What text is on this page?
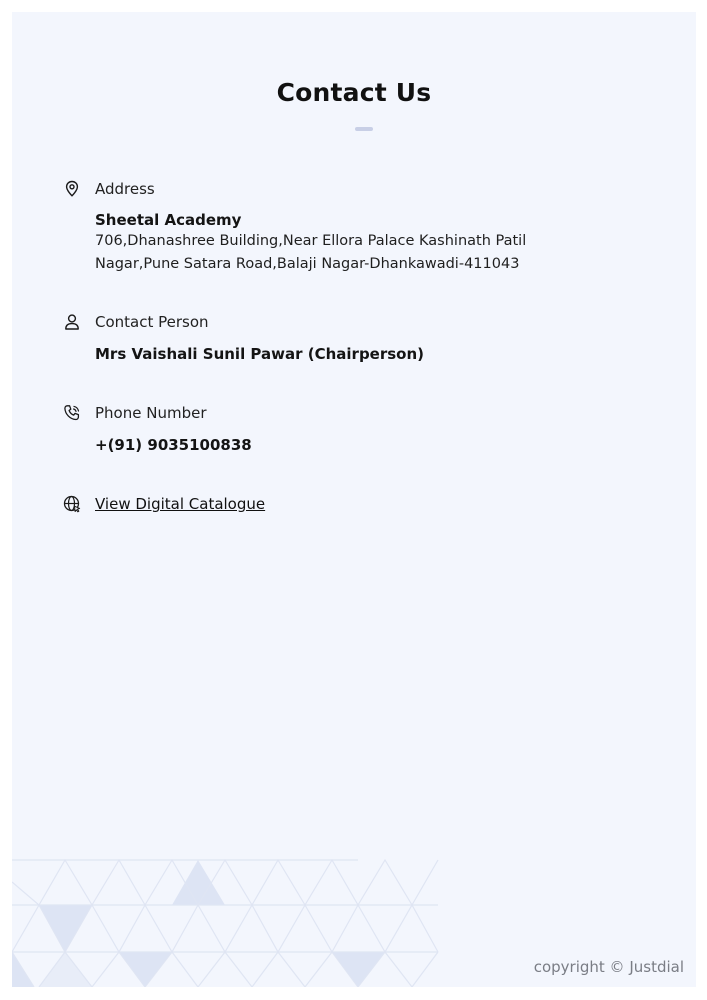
Contact Us
Address
Sheetal Academy
706,Dhanashree Building,Near Ellora Palace Kashinath Patil
Nagar,Pune Satara Road,Balaji Nagar-Dhankawadi-411043
Contact Person
Mrs Vaishali Sunil Pawar (Chairperson)
Phone Number
+(91) 9035100838
View Digital Catalogue
copyright © Justdial
